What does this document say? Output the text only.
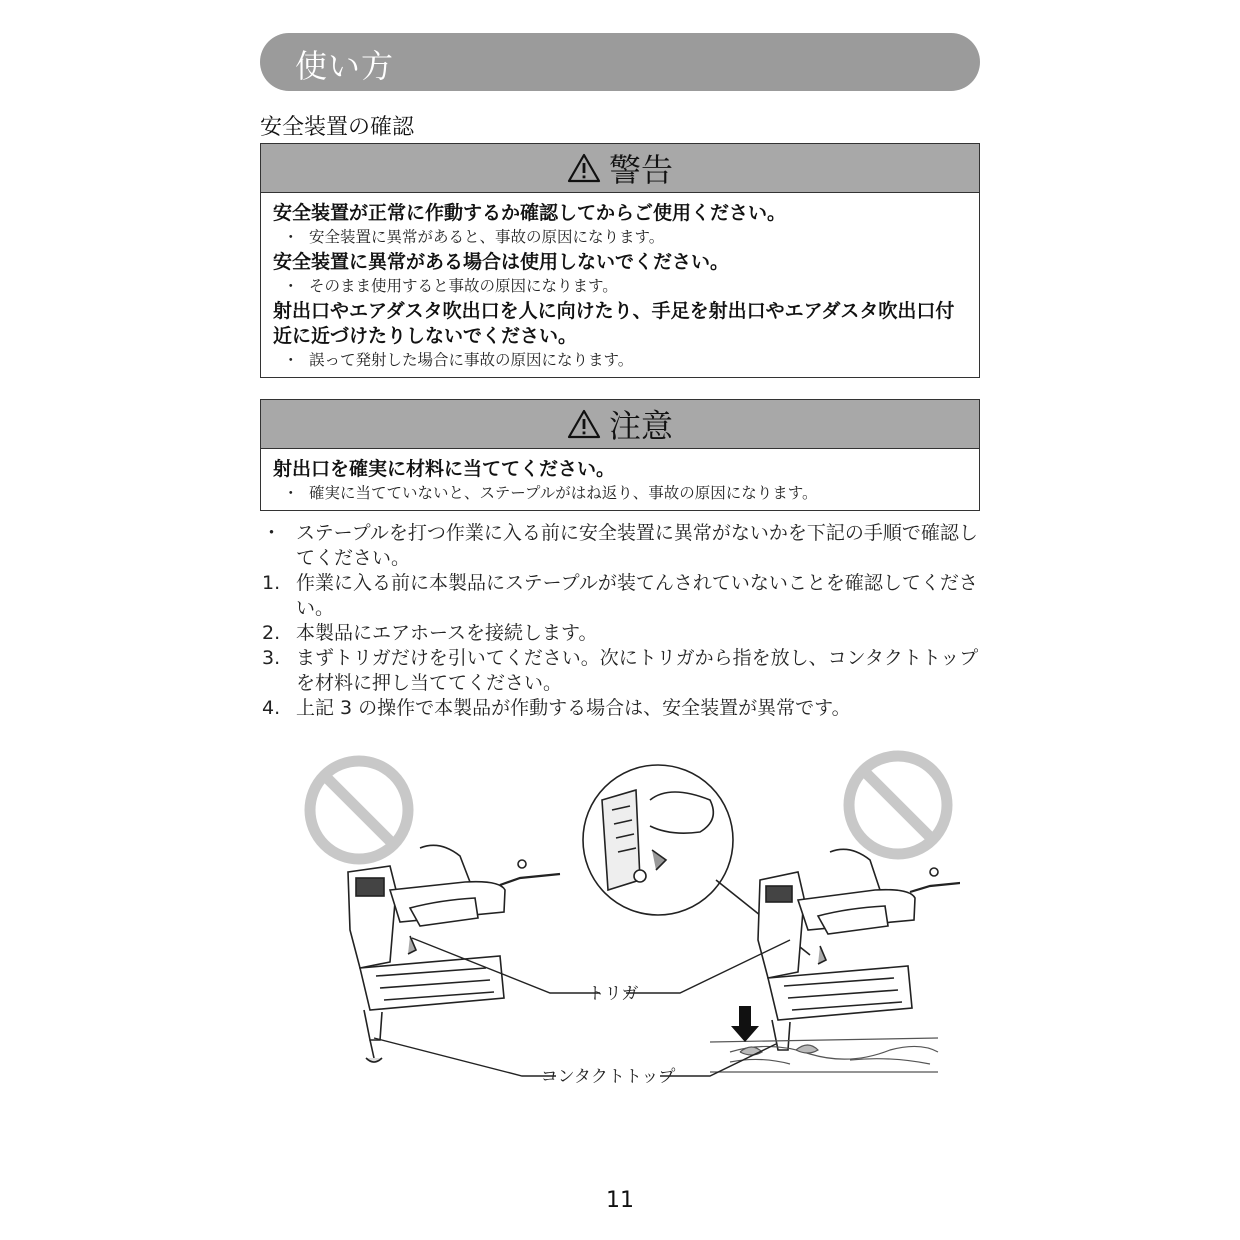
使い方
安全装置の確認
警告
安全装置が正常に作動するか確認してからご使用ください。
・ 安全装置に異常があると、事故の原因になります。
安全装置に異常がある場合は使用しないでください。
・ そのまま使用すると事故の原因になります。
射出口やエアダスタ吹出口を人に向けたり、手足を射出口やエアダスタ吹出口付近に近づけたりしないでください。
・ 誤って発射した場合に事故の原因になります。
注意
射出口を確実に材料に当ててください。
・ 確実に当てていないと、ステープルがはね返り、事故の原因になります。
・ ステープルを打つ作業に入る前に安全装置に異常がないかを下記の手順で確認してください。
1. 作業に入る前に本製品にステープルが装てんされていないことを確認してください。
2. 本製品にエアホースを接続します。
3. まずトリガだけを引いてください。次にトリガから指を放し、コンタクトトップを材料に押し当ててください。
4. 上記 3 の操作で本製品が作動する場合は、安全装置が異常です。
トリガ
コンタクトトップ
11
